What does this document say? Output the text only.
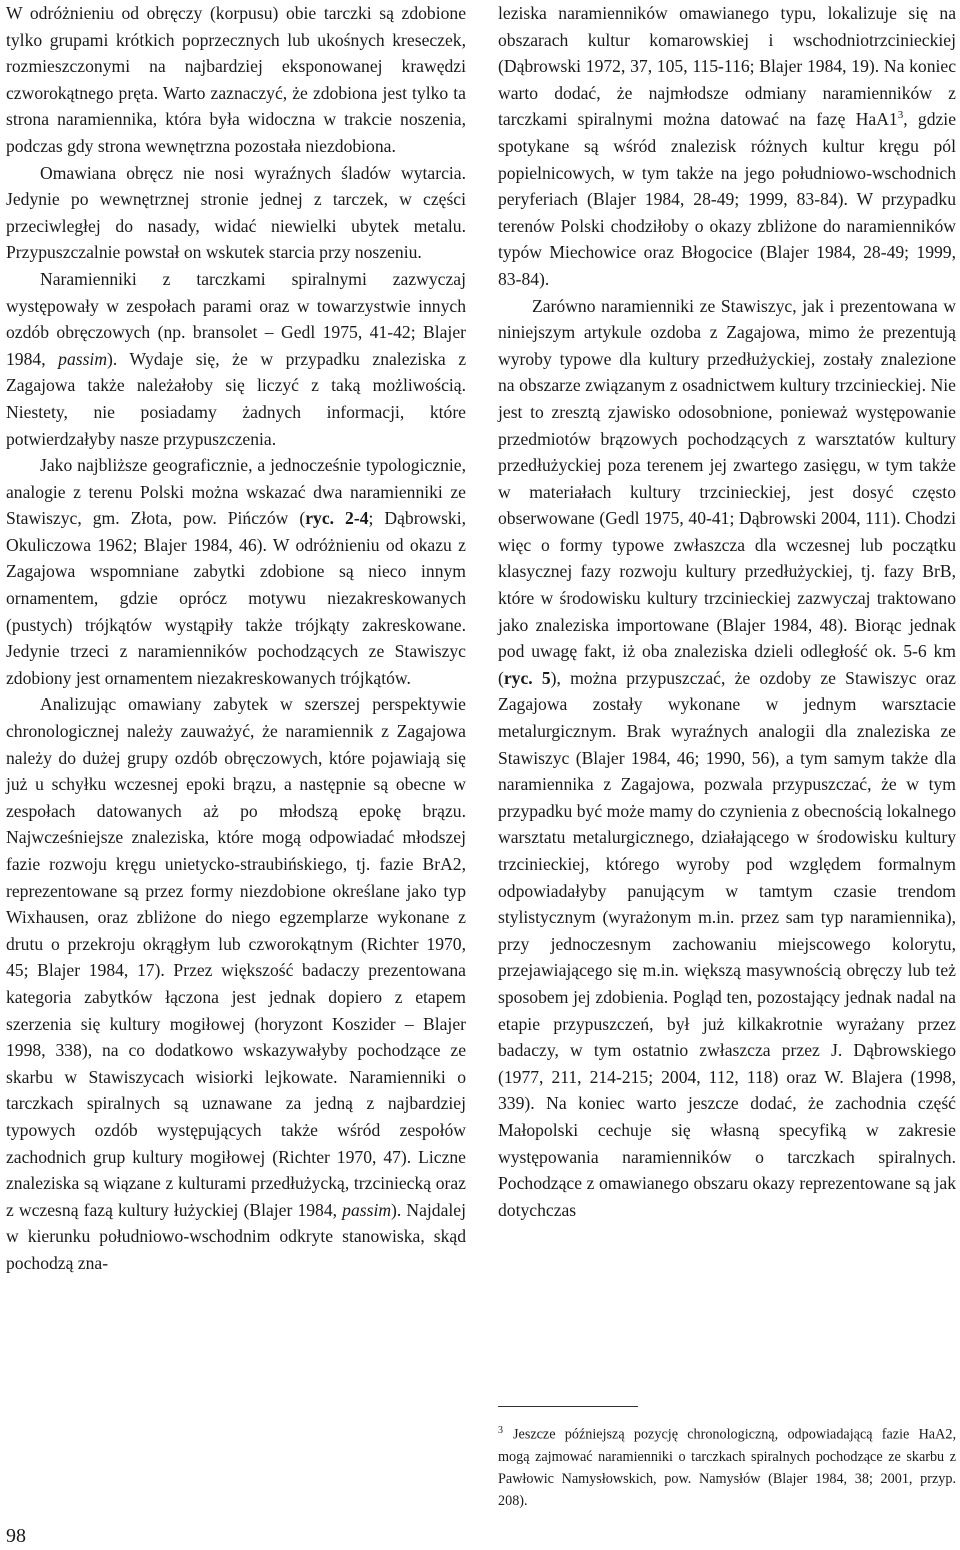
W odróżnieniu od obręczy (korpusu) obie tarczki są zdobione tylko grupami krótkich poprzecznych lub ukośnych kreseczek, rozmieszczonymi na najbardziej eksponowanej krawędzi czworokątnego pręta. Warto zaznaczyć, że zdobiona jest tylko ta strona naramiennika, która była widoczna w trakcie noszenia, podczas gdy strona wewnętrzna pozostała niezdobiona.

Omawiana obręcz nie nosi wyraźnych śladów wytarcia. Jedynie po wewnętrznej stronie jednej z tarczek, w części przeciwległej do nasady, widać niewielki ubytek metalu. Przypuszczalnie powstał on wskutek starcia przy noszeniu.

Naramienniki z tarczkami spiralnymi zazwyczaj występowały w zespołach parami oraz w towarzystwie innych ozdób obręczowych (np. bransolet – Gedl 1975, 41-42; Blajer 1984, passim). Wydaje się, że w przypadku znaleziska z Zagajowa także należałoby się liczyć z taką możliwością. Niestety, nie posiadamy żadnych informacji, które potwierdzałyby nasze przypuszczenia.

Jako najbliższe geograficznie, a jednocześnie typologicznie, analogie z terenu Polski można wskazać dwa naramienniki ze Stawiszyc, gm. Złota, pow. Pińczów (ryc. 2-4; Dąbrowski, Okuliczowa 1962; Blajer 1984, 46). W odróżnieniu od okazu z Zagajowa wspomniane zabytki zdobione są nieco innym ornamentem, gdzie oprócz motywu niezakreskowanych (pustych) trójkątów wystąpiły także trójkąty zakreskowane. Jedynie trzeci z naramienników pochodzących ze Stawiszyc zdobiony jest ornamentem niezakreskowanych trójkątów.

Analizując omawiany zabytek w szerszej perspektywie chronologicznej należy zauważyć, że naramiennik z Zagajowa należy do dużej grupy ozdób obręczowych, które pojawiają się już u schyłku wczesnej epoki brązu, a następnie są obecne w zespołach datowanych aż po młodszą epokę brązu. Najwcześniejsze znaleziska, które mogą odpowiadać młodszej fazie rozwoju kręgu unietycko-straubińskiego, tj. fazie BrA2, reprezentowane są przez formy niezdobione określane jako typ Wixhausen, oraz zbliżone do niego egzemplarze wykonane z drutu o przekroju okrągłym lub czworokątnym (Richter 1970, 45; Blajer 1984, 17). Przez większość badaczy prezentowana kategoria zabytków łączona jest jednak dopiero z etapem szerzenia się kultury mogiłowej (horyzont Koszider – Blajer 1998, 338), na co dodatkowo wskazywałyby pochodzące ze skarbu w Stawiszycach wisiorki lejkowate. Naramienniki o tarczkach spiralnych są uznawane za jedną z najbardziej typowych ozdób występujących także wśród zespołów zachodnich grup kultury mogiłowej (Richter 1970, 47). Liczne znaleziska są wiązane z kulturami przedłużycką, trzciniecką oraz z wczesną fazą kultury łużyckiej (Blajer 1984, passim). Najdalej w kierunku południowo-wschodnim odkryte stanowiska, skąd pochodzą zna-

leziska naramienników omawianego typu, lokalizuje się na obszarach kultur komarowskiej i wschodniotrzcinieckiej (Dąbrowski 1972, 37, 105, 115-116; Blajer 1984, 19). Na koniec warto dodać, że najmłodsze odmiany naramienników z tarczkami spiralnymi można datować na fazę $HaA1^3$, gdzie spotykane są wśród znalezisk różnych kultur kręgu pól popielnicowych, w tym także na jego południowo-wschodnich peryferiach (Blajer 1984, 28-49; 1999, 83-84). W przypadku terenów Polski chodziłoby o okazy zbliżone do naramienników typów Miechowice oraz Błogocice (Blajer 1984, 28-49; 1999, 83-84).

Zarówno naramienniki ze Stawiszyc, jak i prezentowana w niniejszym artykule ozdoba z Zagajowa, mimo że prezentują wyroby typowe dla kultury przedłużyckiej, zostały znalezione na obszarze związanym z osadnictwem kultury trzcinieckiej. Nie jest to zresztą zjawisko odosobnione, ponieważ występowanie przedmiotów brązowych pochodzących z warsztatów kultury przedłużyckiej poza terenem jej zwartego zasięgu, w tym także w materiałach kultury trzcinieckiej, jest dosyć często obserwowane (Gedl 1975, 40-41; Dąbrowski 2004, 111). Chodzi więc o formy typowe zwłaszcza dla wczesnej lub początku klasycznej fazy rozwoju kultury przedłużyckiej, tj. fazy BrB, które w środowisku kultury trzcinieckiej zazwyczaj traktowano jako znaleziska importowane (Blajer 1984, 48). Biorąc jednak pod uwagę fakt, iż oba znaleziska dzieli odległość ok. 5-6 km (ryc. 5), można przypuszczać, że ozdoby ze Stawiszyc oraz Zagajowa zostały wykonane w jednym warsztacie metalurgicznym. Brak wyraźnych analogii dla znaleziska ze Stawiszyc (Blajer 1984, 46; 1990, 56), a tym samym także dla naramiennika z Zagajowa, pozwala przypuszczać, że w tym przypadku być może mamy do czynienia z obecnością lokalnego warsztatu metalurgicznego, działającego w środowisku kultury trzcinieckiej, którego wyroby pod względem formalnym odpowiadałyby panującym w tamtym czasie trendom stylistycznym (wyrażonym m.in. przez sam typ naramiennika), przy jednoczesnym zachowaniu miejscowego kolorytu, przejawiającego się m.in. większą masywnością obręczy lub też sposobem jej zdobienia. Pogląd ten, pozostający jednak nadal na etapie przypuszczeń, był już kilkakrotnie wyrażany przez badaczy, w tym ostatnio zwłaszcza przez J. Dąbrowskiego (1977, 211, 214-215; 2004, 112, 118) oraz W. Blajera (1998, 339). Na koniec warto jeszcze dodać, że zachodnia część Małopolski cechuje się własną specyfiką w zakresie występowania naramienników o tarczkach spiralnych. Pochodzące z omawianego obszaru okazy reprezentowane są jak dotychczas

$^3$ Jeszcze późniejszą pozycję chronologiczną, odpowiadającą fazie HaA2, mogą zajmować naramienniki o tarczkach spiralnych pochodzące ze skarbu z Pawłowic Namysłowskich, pow. Namysłów (Blajer 1984, 38; 2001, przyp. 208).
98
